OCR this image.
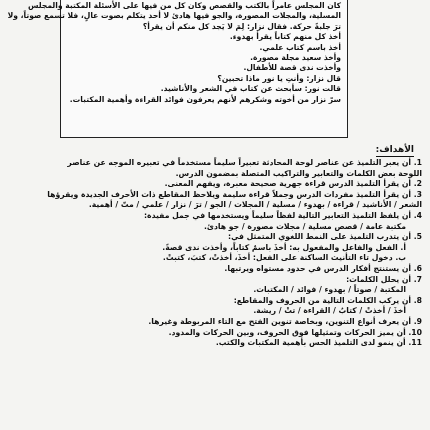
كان المجلس عامراً بالكتب والقصص وكان كل من فيها على الأسئلة المكتبة والمجلس
المسلية، والمجلات المصورة، والجو فيها هادئ لا أحد يتكلم بصوت عالٍ، فلا تسمع صوتاً، ولا
ترَ جلبةً حركة. فقال نزار: لِمَ لا يَجد كل منكم أن يقرأ؟
أخذ كل منهم كتاباً يقرأ بهدوء.
أخذ باسم كتاب علمي.
وأخذ سعيد مجلة مصورة.
وأخذت ندى قصة للأطفال.
قال نزار: وأنتِ يا نور ماذا تحبين؟
قالت نور: سأبحث عن كتاب في الشعر والأناشيد.
سرّ نزار من أخوته وشكرهم لأنهم يعرفون فوائد القراءة وأهمية المكتبات.
الأهداف:
1. أن يعبر التلميذ عن عناصر لوحة المحادثة تعبيراً سليماً مستخدماً في تعبيره الموجه عن عناصر
اللوحة بعض الكلمات والتعابير والتراكيب المتصلة بمضمون الدرس.
2. أن يقرأ التلميذ الدرس قراءة جهرية صحيحة معبرة، ويفهم المعنى.
3. أن يقرأ التلميذ مفردات الدرس وجملاً قراءة سليمة ويلاحظ المقاطع ذات الأحرف الجديدة ويقرؤها
الشعر / الأناشيد / قراءة / بهدوء / مسلية / المجلات / الجو / ترَ / نزار / علمي / متّ / أهمية.
4. أن يلفظ التلميذ التعابير التالية لفظاً سليماً ويستخدمها في جمل مفيدة:
مكتبة عامة / قصص مسلية / مجلات مصورة / جو هادئ.
5. أن يتدرب التلميذ على النمط اللغوي المتمثل في:
أ. الفعل والفاعل والمفعول به: أخذَ باسمٌ كتاباً، وأخذت ندى قصةً.
ب. دخول تاء التأنيث الساكنة على الفعل: أخذَ، أخذتْ، كتبَ، كتبتْ.
6. أن يستنتج أفكار الدرس في حدود مستواه ويرتبها.
7. أن يحلل الكلمات:
المكتبة / صوتاً / بهدوء / فوائد / المكتبات.
8. أن يركب الكلمات التالية من الحروف والمقاطع:
أخذَ / أخذتْ / كتابٌ / القراءة / تتْ / ريشة.
9. أن يعرف أنواع التنوين، وبخاصة تنوين الفتح مع التاء المربوطة وغيرها.
10. أن يميز الحركات وتمثيلها فوق الحروف، وبين الحركات والمدود.
11. أن ينمو لدى التلميذ الحس بأهمية المكتبات والكتب.
